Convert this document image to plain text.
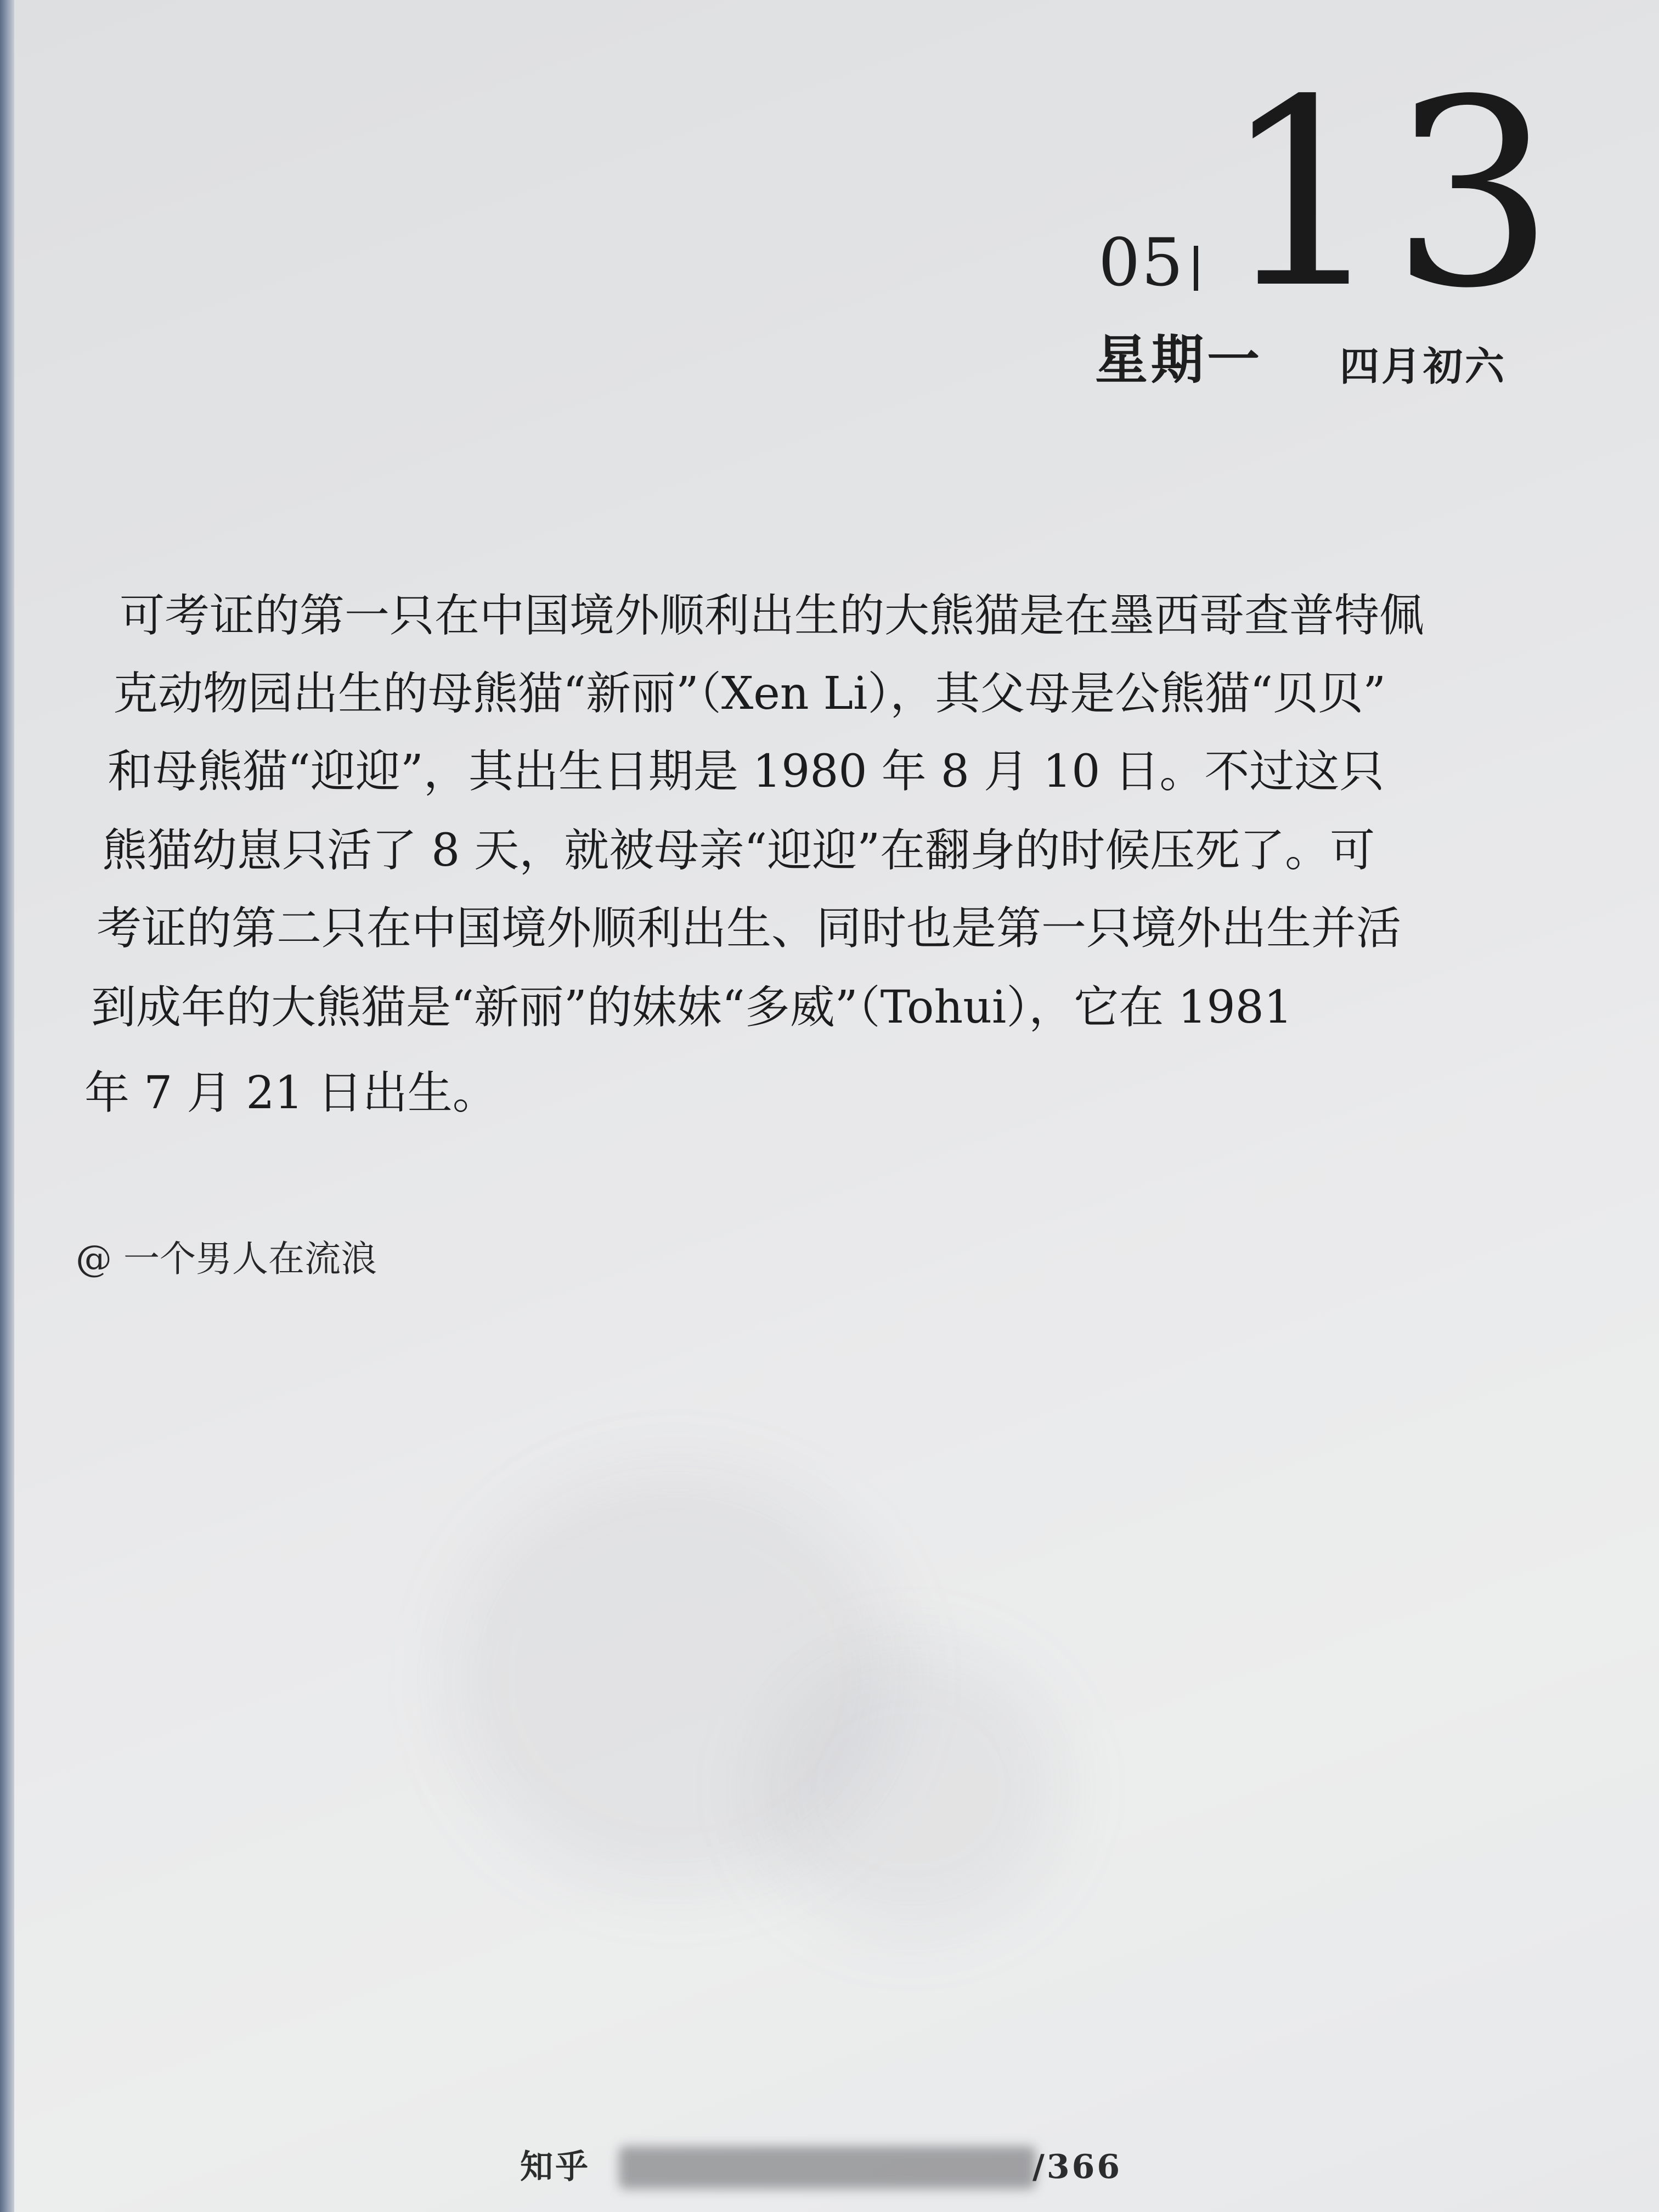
05 13
星期一 四月初六
可考证的第一只在中国境外顺利出生的大熊猫是在墨西哥查普特佩
克动物园出生的母熊猫“新丽”（Xen Li），其父母是公熊猫“贝贝”
和母熊猫“迎迎”，其出生日期是 1980 年 8 月 10 日。不过这只
熊猫幼崽只活了 8 天，就被母亲“迎迎”在翻身的时候压死了。可
考证的第二只在中国境外顺利出生、同时也是第一只境外出生并活
到成年的大熊猫是“新丽”的妹妹“多威”（Tohui），它在 1981
年 7 月 21 日出生。
@ 一个男人在流浪
知乎	/366
